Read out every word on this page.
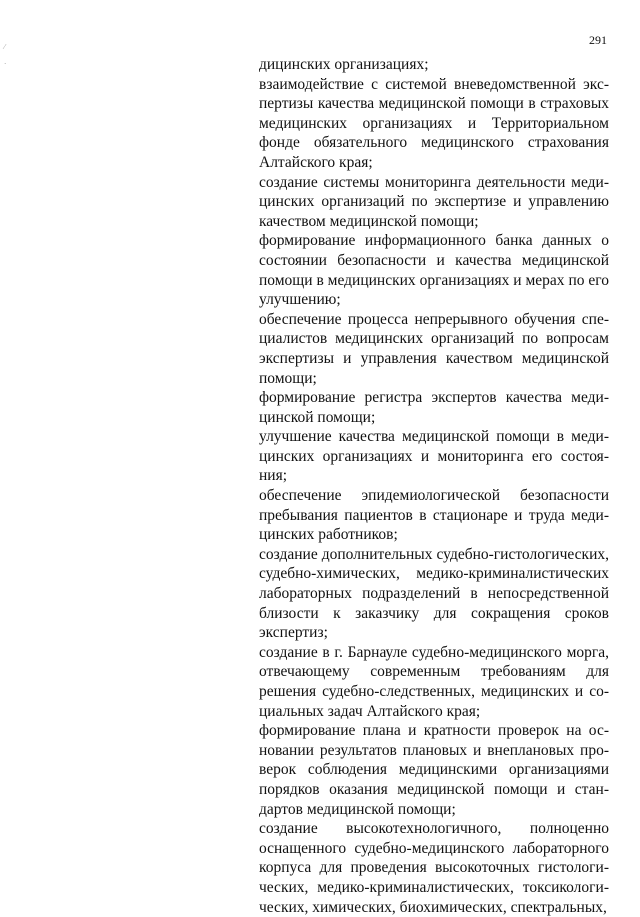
⁄
·
291

дицинских организациях;

взаимодействие с системой вневедомственной экспертизы качества медицинской помощи в страховых медицинских организациях и Территориальном фонде обязательного медицинского страхования Алтайского края;

создание системы мониторинга деятельности медицинских организаций по экспертизе и управлению качеством медицинской помощи;

формирование информационного банка данных о состоянии безопасности и качества медицинской помощи в медицинских организациях и мерах по его улучшению;

обеспечение процесса непрерывного обучения специалистов медицинских организаций по вопросам экспертизы и управления качеством медицинской помощи;

формирование регистра экспертов качества медицинской помощи;

улучшение качества медицинской помощи в медицинских организациях и мониторинга его состояния;

обеспечение эпидемиологической безопасности пребывания пациентов в стационаре и труда медицинских работников;

создание дополнительных судебно-гистологических, судебно-химических, медико-криминалистических лабораторных подразделений в непосредственной близости к заказчику для сокращения сроков экспертиз;

создание в г. Барнауле судебно-медицинского морга, отвечающему современным требованиям для решения судебно-следственных, медицинских и социальных задач Алтайского края;

формирование плана и кратности проверок на основании результатов плановых и внеплановых проверок соблюдения медицинскими организациями порядков оказания медицинской помощи и стандартов медицинской помощи;

создание высокотехнологичного, полноценно оснащенного судебно-медицинского лабораторного корпуса для проведения высокоточных гистологических, медико-криминалистических, токсикологических, химических, биохимических, спектральных,
